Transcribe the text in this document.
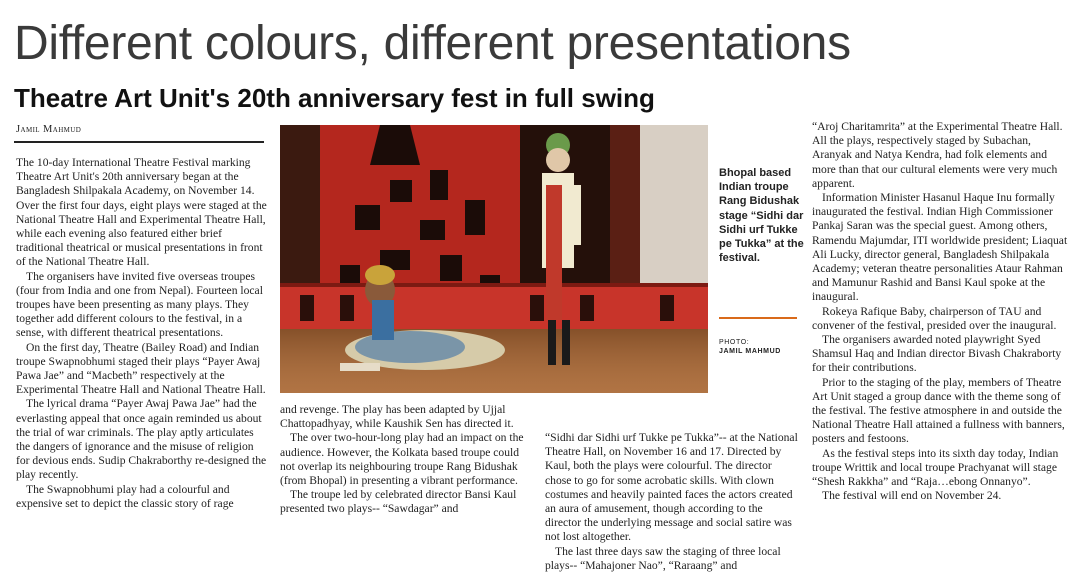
Different colours, different presentations
Theatre Art Unit's 20th anniversary fest in full swing
Jamil Mahmud

The 10-day International Theatre Festival marking Theatre Art Unit's 20th anniversary began at the Bangladesh Shilpakala Academy, on November 14. Over the first four days, eight plays were staged at the National Theatre Hall and Experimental Theatre Hall, while each evening also featured either brief traditional theatrical or musical presentations in front of the National Theatre Hall.

The organisers have invited five overseas troupes (four from India and one from Nepal). Fourteen local troupes have been presenting as many plays. They together add different colours to the festival, in a sense, with different theatrical presentations.

On the first day, Theatre (Bailey Road) and Indian troupe Swapnobhumi staged their plays “Payer Awaj Pawa Jae” and “Macbeth” respectively at the Experimental Theatre Hall and National Theatre Hall.

The lyrical drama “Payer Awaj Pawa Jae” had the everlasting appeal that once again reminded us about the trial of war criminals. The play aptly articulates the dangers of ignorance and the misuse of religion for devious ends. Sudip Chakraborthy re-designed the play recently.

The Swapnobhumi play had a colourful and expensive set to depict the classic story of rage

Bhopal based Indian troupe Rang Bidushak stage “Sidhi dar Sidhi urf Tukke pe Tukka” at the festival.
PHOTO:
JAMIL MAHMUD

and revenge. The play has been adapted by Ujjal Chattopadhyay, while Kaushik Sen has directed it.

The over two-hour-long play had an impact on the audience. However, the Kolkata based troupe could not overlap its neighbouring troupe Rang Bidushak (from Bhopal) in presenting a vibrant performance.

The troupe led by celebrated director Bansi Kaul presented two plays-- “Sawdagar” and

“Sidhi dar Sidhi urf Tukke pe Tukka”-- at the National Theatre Hall, on November 16 and 17. Directed by Kaul, both the plays were colourful. The director chose to go for some acrobatic skills. With clown costumes and heavily painted faces the actors created an aura of amusement, though according to the director the underlying message and social satire was not lost altogether.

The last three days saw the staging of three local plays-- “Mahajoner Nao”, “Raraang” and

“Aroj Charitamrita” at the Experimental Theatre Hall. All the plays, respectively staged by Subachan, Aranyak and Natya Kendra, had folk elements and more than that our cultural elements were very much apparent.

Information Minister Hasanul Haque Inu formally inaugurated the festival. Indian High Commissioner Pankaj Saran was the special guest. Among others, Ramendu Majumdar, ITI worldwide president; Liaquat Ali Lucky, director general, Bangladesh Shilpakala Academy; veteran theatre personalities Ataur Rahman and Mamunur Rashid and Bansi Kaul spoke at the inaugural.

Rokeya Rafique Baby, chairperson of TAU and convener of the festival, presided over the inaugural.

The organisers awarded noted playwright Syed Shamsul Haq and Indian director Bivash Chakraborty for their contributions.

Prior to the staging of the play, members of Theatre Art Unit staged a group dance with the theme song of the festival. The festive atmosphere in and outside the National Theatre Hall attained a fullness with banners, posters and festoons.

As the festival steps into its sixth day today, Indian troupe Writtik and local troupe Prachyanat will stage “Shesh Rakkha” and “Raja…ebong Onnanyo”.

The festival will end on November 24.
